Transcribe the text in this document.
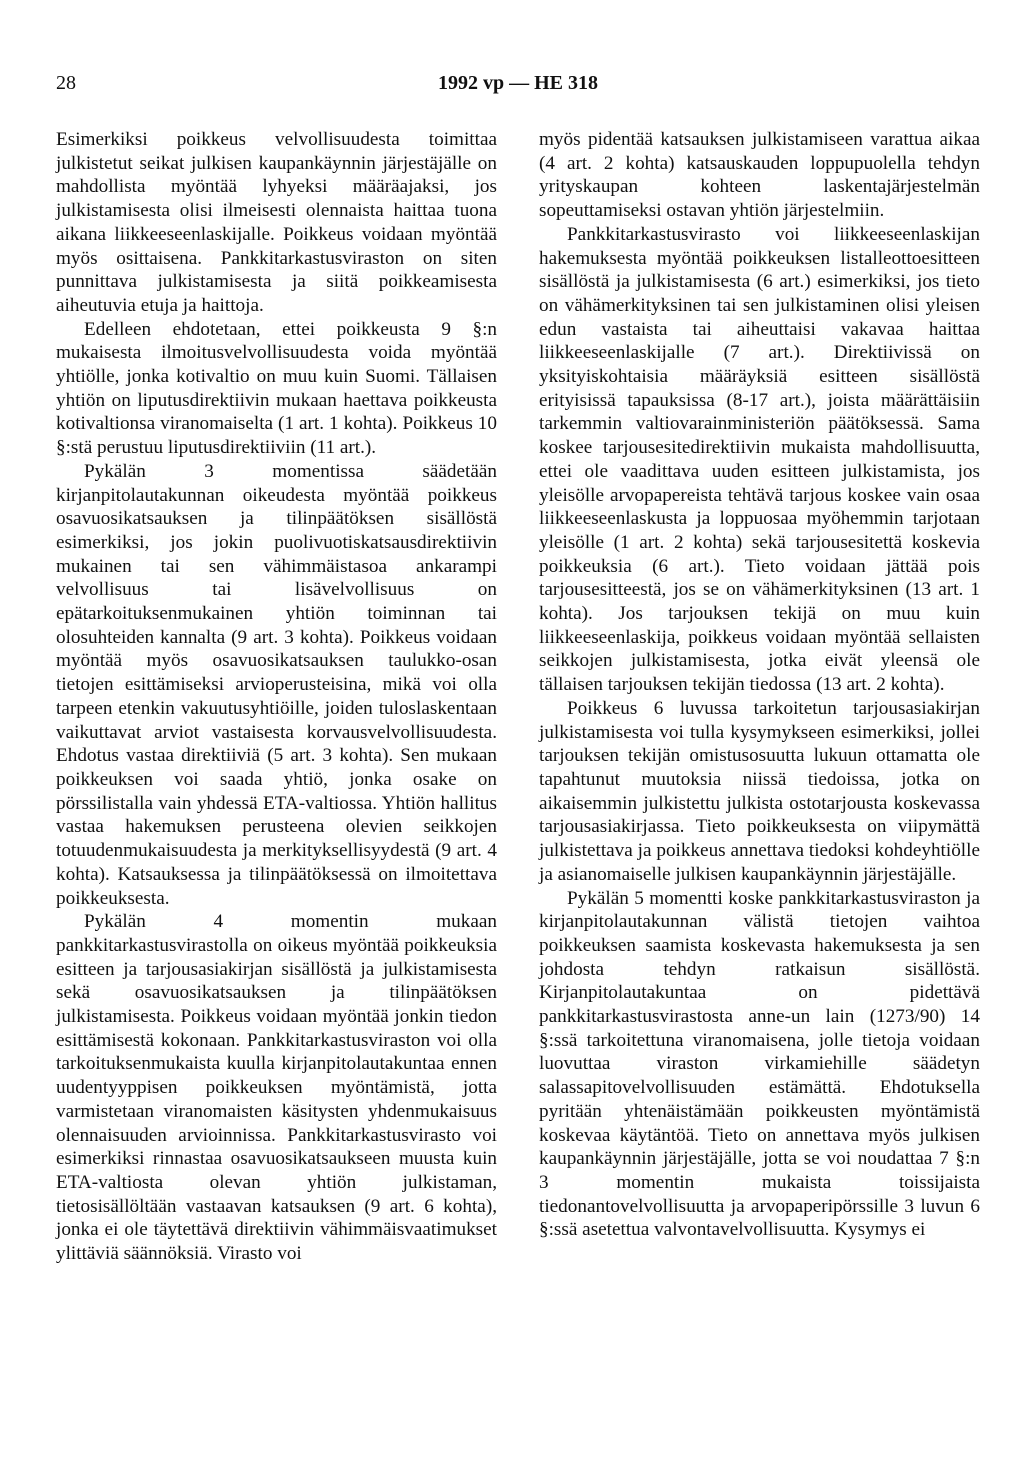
28	1992 vp — HE 318

Esimerkiksi poikkeus velvollisuudesta toimittaa julkistetut seikat julkisen kaupankäynnin järjestäjälle on mahdollista myöntää lyhyeksi määräajaksi, jos julkistamisesta olisi ilmeisesti olennaista haittaa tuona aikana liikkeeseenlaskijalle. Poikkeus voidaan myöntää myös osittaisena. Pankkitarkastusviraston on siten punnittava julkistamisesta ja siitä poikkeamisesta aiheutuvia etuja ja haittoja.

Edelleen ehdotetaan, ettei poikkeusta 9 §:n mukaisesta ilmoitusvelvollisuudesta voida myöntää yhtiölle, jonka kotivaltio on muu kuin Suomi. Tällaisen yhtiön on liputusdirektiivin mukaan haettava poikkeusta kotivaltionsa viranomaiselta (1 art. 1 kohta). Poikkeus 10 §:stä perustuu liputusdirektiiviin (11 art.).

Pykälän 3 momentissa säädetään kirjanpitolautakunnan oikeudesta myöntää poikkeus osavuosikatsauksen ja tilinpäätöksen sisällöstä esimerkiksi, jos jokin puolivuotiskatsausdirektiivin mukainen tai sen vähimmäistasoa ankarampi velvollisuus tai lisävelvollisuus on epätarkoituksenmukainen yhtiön toiminnan tai olosuhteiden kannalta (9 art. 3 kohta). Poikkeus voidaan myöntää myös osavuosikatsauksen taulukko-osan tietojen esittämiseksi arvioperusteisina, mikä voi olla tarpeen etenkin vakuutusyhtiöille, joiden tuloslaskentaan vaikuttavat arviot vastaisesta korvausvelvollisuudesta. Ehdotus vastaa direktiiviä (5 art. 3 kohta). Sen mukaan poikkeuksen voi saada yhtiö, jonka osake on pörssilistalla vain yhdessä ETA-valtiossa. Yhtiön hallitus vastaa hakemuksen perusteena olevien seikkojen totuudenmukaisuudesta ja merkityksellisyydestä (9 art. 4 kohta). Katsauksessa ja tilinpäätöksessä on ilmoitettava poikkeuksesta.

Pykälän 4 momentin mukaan pankkitarkastusvirastolla on oikeus myöntää poikkeuksia esitteen ja tarjousasiakirjan sisällöstä ja julkistamisesta sekä osavuosikatsauksen ja tilinpäätöksen julkistamisesta. Poikkeus voidaan myöntää jonkin tiedon esittämisestä kokonaan. Pankkitarkastusviraston voi olla tarkoituksenmukaista kuulla kirjanpitolautakuntaa ennen uudentyyppisen poikkeuksen myöntämistä, jotta varmistetaan viranomaisten käsitysten yhdenmukaisuus olennaisuuden arvioinnissa. Pankkitarkastusvirasto voi esimerkiksi rinnastaa osavuosikatsaukseen muusta kuin ETA-valtiosta olevan yhtiön julkistaman, tietosisällöltään vastaavan katsauksen (9 art. 6 kohta), jonka ei ole täytettävä direktiivin vähimmäisvaatimukset ylittäviä säännöksiä. Virasto voi

myös pidentää katsauksen julkistamiseen varattua aikaa (4 art. 2 kohta) katsauskauden loppupuolella tehdyn yrityskaupan kohteen laskentajärjestelmän sopeuttamiseksi ostavan yhtiön järjestelmiin.

Pankkitarkastusvirasto voi liikkeeseenlaskijan hakemuksesta myöntää poikkeuksen listalleottoesitteen sisällöstä ja julkistamisesta (6 art.) esimerkiksi, jos tieto on vähämerkityksinen tai sen julkistaminen olisi yleisen edun vastaista tai aiheuttaisi vakavaa haittaa liikkeeseenlaskijalle (7 art.). Direktiivissä on yksityiskohtaisia määräyksiä esitteen sisällöstä erityisissä tapauksissa (8-17 art.), joista määrättäisiin tarkemmin valtiovarainministeriön päätöksessä. Sama koskee tarjousesitedirektiivin mukaista mahdollisuutta, ettei ole vaadittava uuden esitteen julkistamista, jos yleisölle arvopapereista tehtävä tarjous koskee vain osaa liikkeeseenlaskusta ja loppuosaa myöhemmin tarjotaan yleisölle (1 art. 2 kohta) sekä tarjousesitettä koskevia poikkeuksia (6 art.). Tieto voidaan jättää pois tarjousesitteestä, jos se on vähämerkityksinen (13 art. 1 kohta). Jos tarjouksen tekijä on muu kuin liikkeeseenlaskija, poikkeus voidaan myöntää sellaisten seikkojen julkistamisesta, jotka eivät yleensä ole tällaisen tarjouksen tekijän tiedossa (13 art. 2 kohta).

Poikkeus 6 luvussa tarkoitetun tarjousasiakirjan julkistamisesta voi tulla kysymykseen esimerkiksi, jollei tarjouksen tekijän omistusosuutta lukuun ottamatta ole tapahtunut muutoksia niissä tiedoissa, jotka on aikaisemmin julkistettu julkista ostotarjousta koskevassa tarjousasiakirjassa. Tieto poikkeuksesta on viipymättä julkistettava ja poikkeus annettava tiedoksi kohdeyhtiölle ja asianomaiselle julkisen kaupankäynnin järjestäjälle.

Pykälän 5 momentti koske pankkitarkastusviraston ja kirjanpitolautakunnan välistä tietojen vaihtoa poikkeuksen saamista koskevasta hakemuksesta ja sen johdosta tehdyn ratkaisun sisällöstä. Kirjanpitolautakuntaa on pidettävä pankkitarkastusvirastosta anne-un lain (1273/90) 14 §:ssä tarkoitettuna viranomaisena, jolle tietoja voidaan luovuttaa viraston virkamiehille säädetyn salassapitovelvollisuuden estämättä. Ehdotuksella pyritään yhtenäistämään poikkeusten myöntämistä koskevaa käytäntöä. Tieto on annettava myös julkisen kaupankäynnin järjestäjälle, jotta se voi noudattaa 7 §:n 3 momentin mukaista toissijaista tiedonantovelvollisuutta ja arvopaperipörssille 3 luvun 6 §:ssä asetettua valvontavelvollisuutta. Kysymys ei
